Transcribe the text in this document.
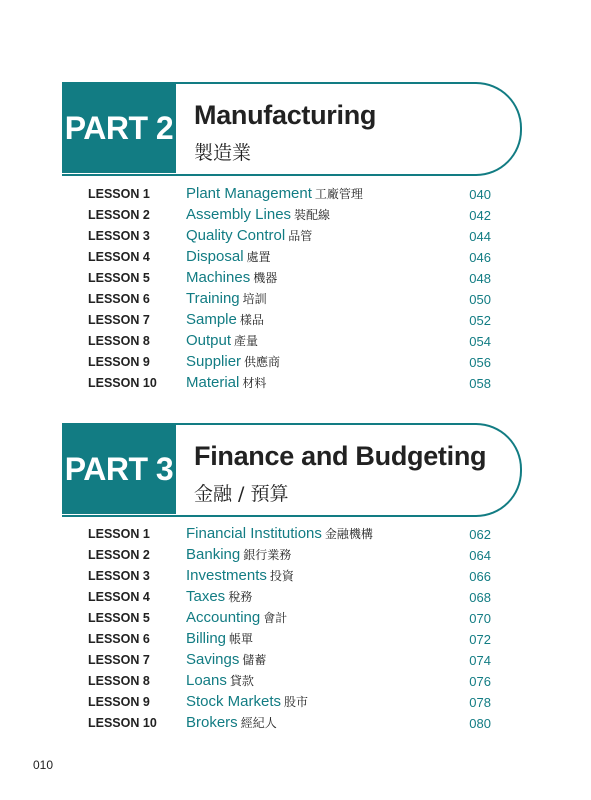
PART 2 Manufacturing
製造業
LESSON 1 Plant Management 工廠管理	040
LESSON 2 Assembly Lines 裝配線	042
LESSON 3 Quality Control 品管	044
LESSON 4 Disposal 處置	046
LESSON 5 Machines 機器	048
LESSON 6 Training 培訓	050
LESSON 7 Sample 樣品	052
LESSON 8 Output 產量	054
LESSON 9 Supplier 供應商	056
LESSON 10 Material 材料	058
PART 3 Finance and Budgeting
金融 / 預算
LESSON 1 Financial Institutions 金融機構	062
LESSON 2 Banking 銀行業務	064
LESSON 3 Investments 投資	066
LESSON 4 Taxes 稅務	068
LESSON 5 Accounting 會計	070
LESSON 6 Billing 帳單	072
LESSON 7 Savings 儲蓄	074
LESSON 8 Loans 貸款	076
LESSON 9 Stock Markets 股市	078
LESSON 10 Brokers 經紀人	080
010
